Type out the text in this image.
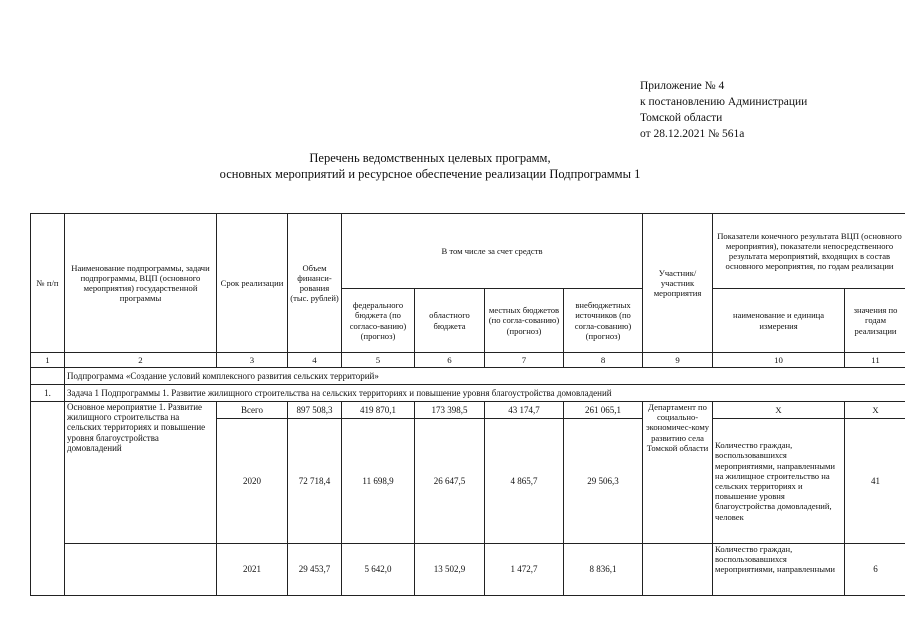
Приложение № 4
к постановлению Администрации
Томской области
от 28.12.2021 № 561а
Перечень ведомственных целевых программ,
основных мероприятий и ресурсное обеспечение реализации Подпрограммы 1
№ п/п	Наименование подпрограммы, задачи подпрограммы, ВЦП (основного мероприятия) государственной программы	Срок реализации	Объем финанси-рования (тыс. рублей)	В том числе за счет средств				Участник/ участник мероприятия	Показатели конечного результата ВЦП (основного мероприятия), показатели непосредственного результата мероприятий, входящих в состав основного мероприятия, по годам реализации	
				федерального бюджета (по согласо-ванию) (прогноз)	областного бюджета	местных бюджетов (по согла-сованию) (прогноз)	внебюджетных источников (по согла-сованию) (прогноз)		наименование и единица измерения	значения по годам реализации
1	2	3	4	5	6	7	8	9	10	11
	Подпрограмма «Создание условий комплексного развития сельских территорий»									
1.	Задача 1 Подпрограммы 1. Развитие жилищного строительства на сельских территориях и повышение уровня благоустройства домовладений									
	Основное мероприятие 1. Развитие жилищного строительства на сельских территориях и повышение уровня благоустройства домовладений	Всего	897 508,3	419 870,1	173 398,5	43 174,7	261 065,1	Департамент по социально-экономичес-кому развитию села Томской области	Х	Х
		2020	72 718,4	11 698,9	26 647,5	4 865,7	29 506,3		Количество граждан, воспользовавшихся мероприятиями, направленными на жилищное строительство на сельских территориях и повышение уровня благоустройства домовладений, человек	41
		2021	29 453,7	5 642,0	13 502,9	1 472,7	8 836,1		Количество граждан, воспользовавшихся мероприятиями, направленными	6
